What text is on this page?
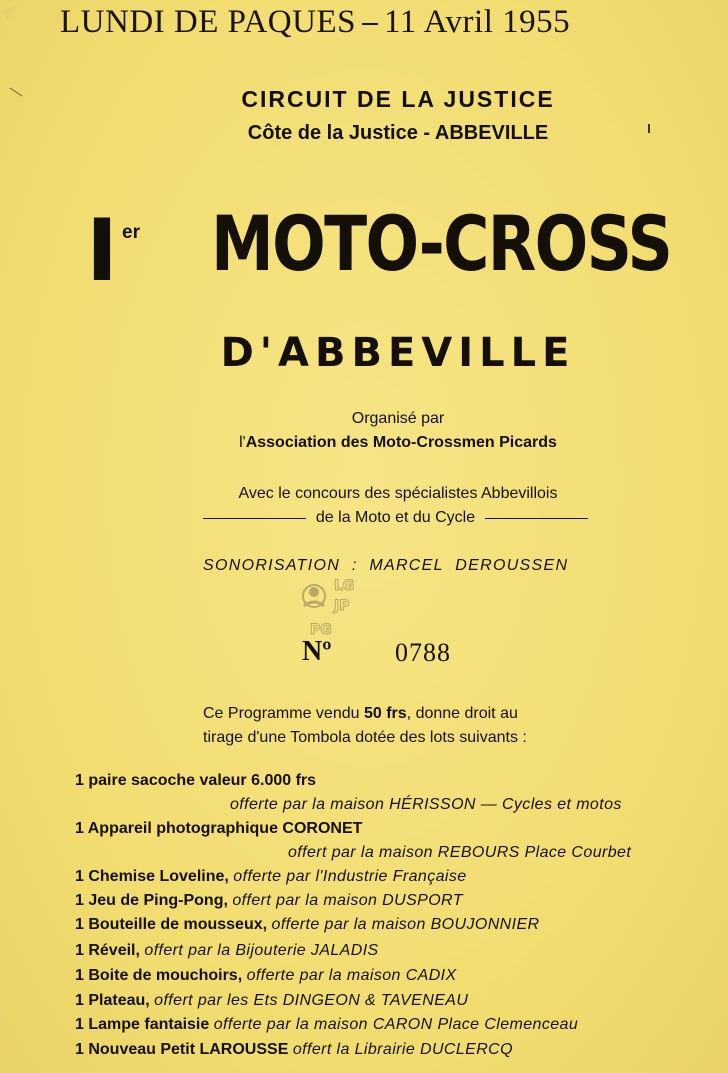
LUNDI DE PAQUES 11 Avril 1955
CIRCUIT DE LA JUSTICE
Côte de la Justice - ABBEVILLE
I er MOTO-CROSS
D'ABBEVILLE
Organisé par
l'Association des Moto-Crossmen Picards
Avec le concours des spécialistes Abbevillois
de la Moto et du Cycle
SONORISATION : MARCEL DEROUSSEN
LG
JP
PG
Nº 0788
Ce Programme vendu 50 frs, donne droit au
tirage d'une Tombola dotée des lots suivants :
1 paire sacoche valeur 6.000 frs
offerte par la maison HÉRISSON — Cycles et motos
1 Appareil photographique CORONET
offert par la maison REBOURS Place Courbet
1 Chemise Loveline, offerte par l'Industrie Française
1 Jeu de Ping-Pong, offert par la maison DUSPORT
1 Bouteille de mousseux, offerte par la maison BOUJONNIER
1 Réveil, offert par la Bijouterie JALADIS
1 Boite de mouchoirs, offerte par la maison CADIX
1 Plateau, offert par les Ets DINGEON & TAVENEAU
1 Lampe fantaisie offerte par la maison CARON Place Clemenceau
1 Nouveau Petit LAROUSSE offert la Librairie DUCLERCQ
